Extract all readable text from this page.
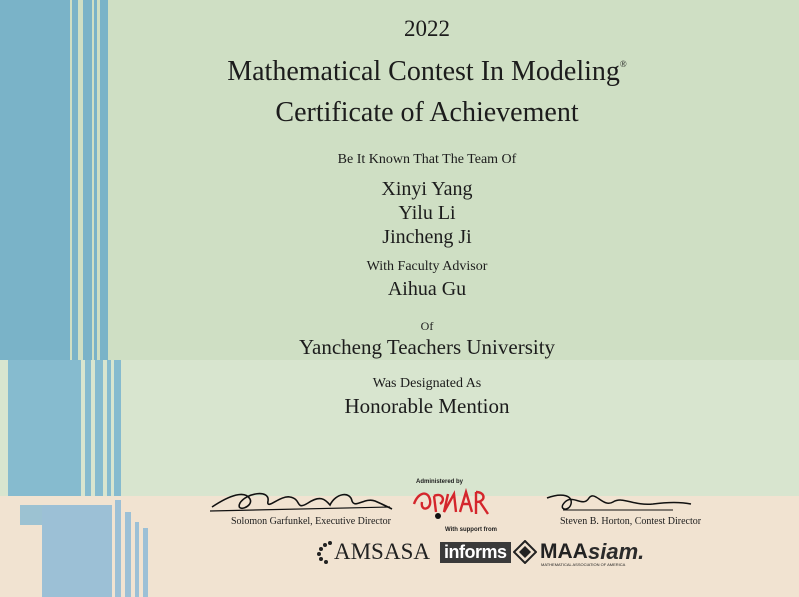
2022
Mathematical Contest In Modeling®
Certificate of Achievement
Be It Known That The Team Of
Xinyi Yang
Yilu Li
Jincheng Ji
With Faculty Advisor
Aihua Gu
Of
Yancheng Teachers University
Was Designated As
Honorable Mention
Solomon Garfunkel, Executive Director
Administered by
With support from
Steven B. Horton, Contest Director
AMS ASA informs MAA
MATHEMATICAL ASSOCIATION OF AMERICA
siam.
